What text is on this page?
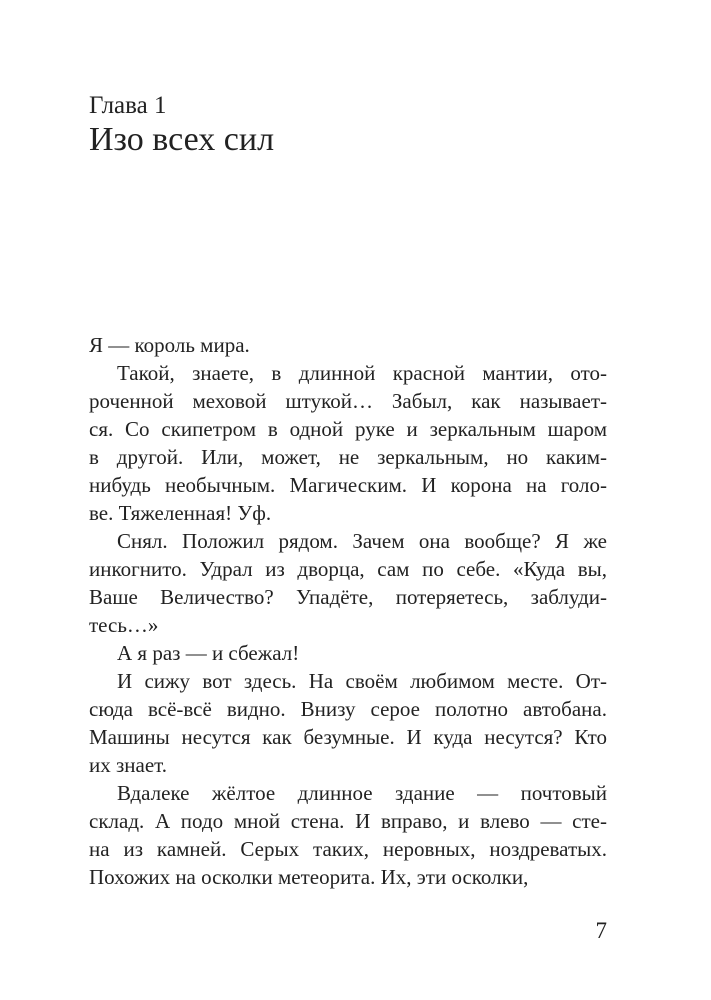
Глава 1
Изо всех сил
Я — король мира.
Такой, знаете, в длинной красной мантии, ото-
роченной меховой штукой… Забыл, как называет-
ся. Со скипетром в одной руке и зеркальным шаром
в другой. Или, может, не зеркальным, но каким-
нибудь необычным. Магическим. И корона на голо-
ве. Тяжеленная! Уф.
Снял. Положил рядом. Зачем она вообще? Я же
инкогнито. Удрал из дворца, сам по себе. «Куда вы,
Ваше Величество? Упадёте, потеряетесь, заблуди-
тесь…»
А я раз — и сбежал!
И сижу вот здесь. На своём любимом месте. От-
сюда всё-всё видно. Внизу серое полотно автобана.
Машины несутся как безумные. И куда несутся? Кто
их знает.
Вдалеке жёлтое длинное здание — почтовый
склад. А подо мной стена. И вправо, и влево — сте-
на из камней. Серых таких, неровных, ноздреватых.
Похожих на осколки метеорита. Их, эти осколки,
7
